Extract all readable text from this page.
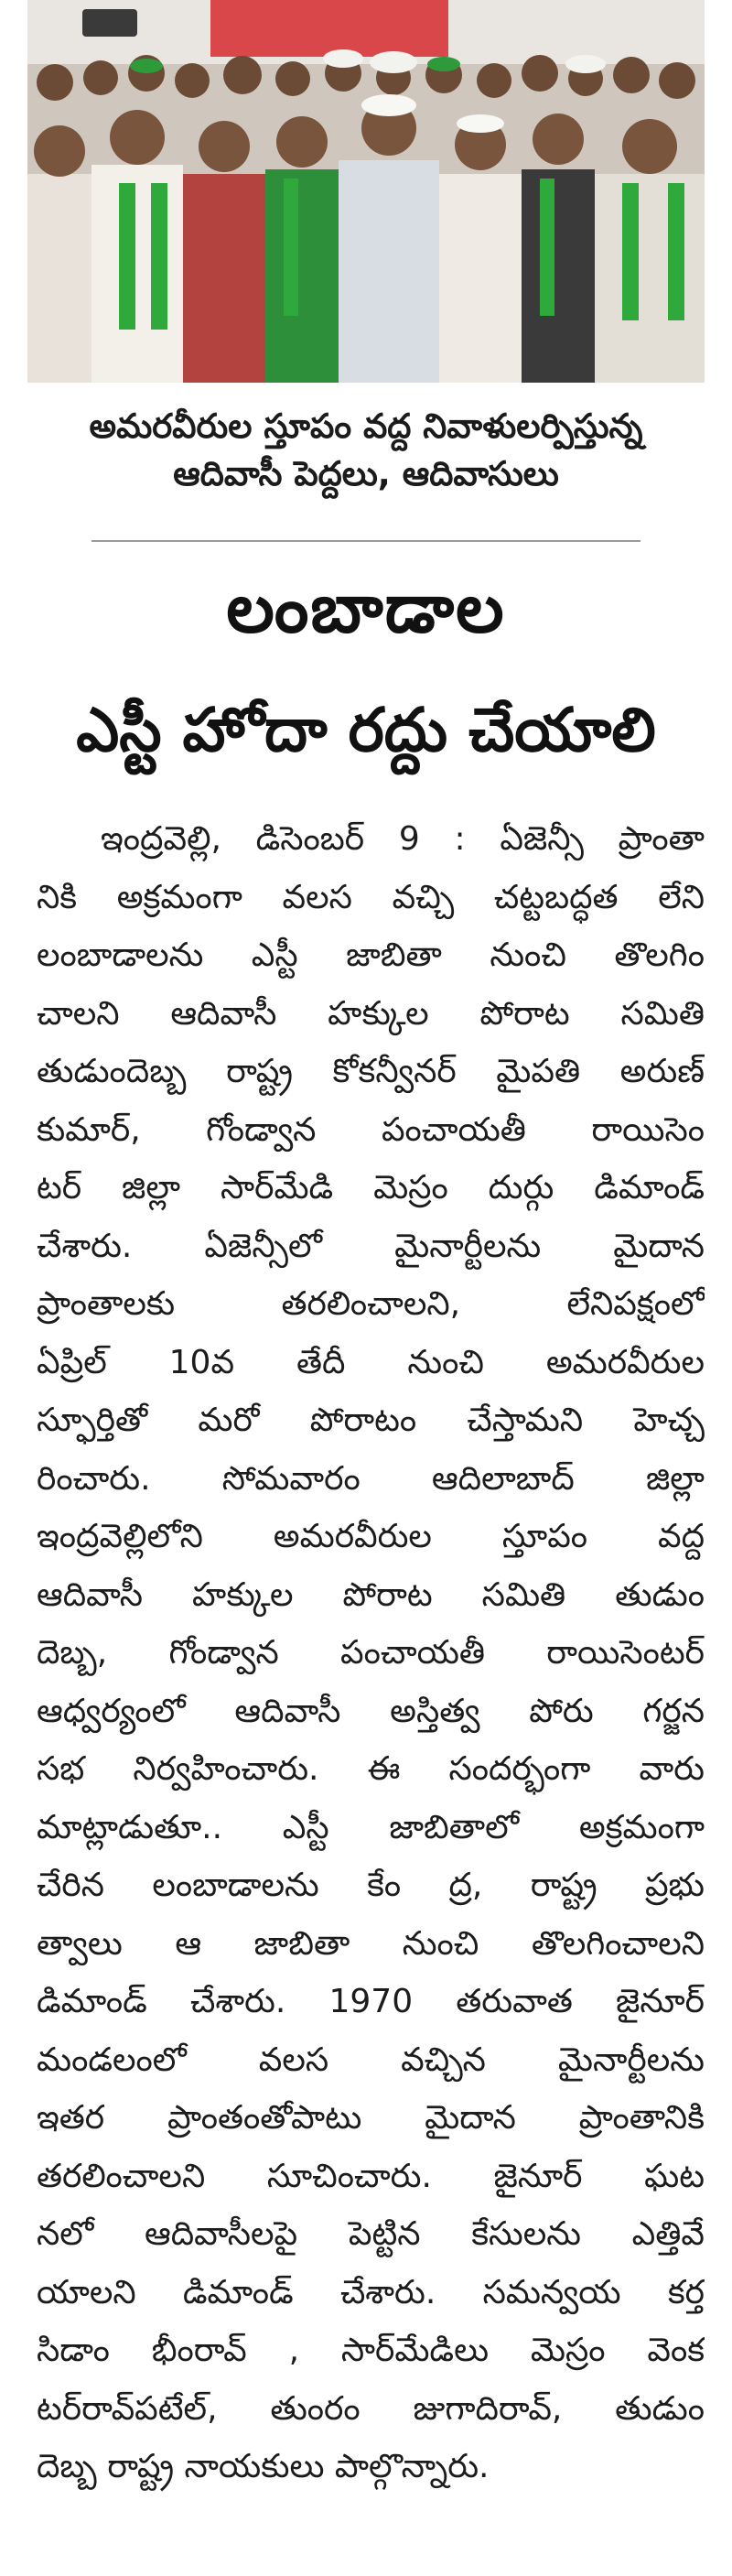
అమరవీరుల స్తూపం వద్ద నివాళులర్పిస్తున్న
ఆదివాసీ పెద్దలు, ఆదివాసులు
లంబాడాల
ఎస్టీ హోదా రద్దు చేయాలి
ఇంద్రవెల్లి, డిసెంబర్ 9 : ఏజెన్సీ ప్రాంతా
నికి అక్రమంగా వలస వచ్చి చట్టబద్ధత లేని
లంబాడాలను ఎస్టీ జాబితా నుంచి తొలగిం
చాలని ఆదివాసీ హక్కుల పోరాట సమితి
తుడుందెబ్బ రాష్ట్ర కోకన్వీనర్ మైపతి అరుణ్
కుమార్, గోండ్వాన పంచాయతీ రాయిసెం
టర్ జిల్లా సార్‌మేడి మెస్రం దుర్గు డిమాండ్
చేశారు. ఏజెన్సీలో మైనార్టీలను మైదాన
ప్రాంతాలకు తరలించాలని, లేనిపక్షంలో
ఏప్రిల్ 10వ తేదీ నుంచి అమరవీరుల
స్ఫూర్తితో మరో పోరాటం చేస్తామని హెచ్చ
రించారు. సోమవారం ఆదిలాబాద్ జిల్లా
ఇంద్రవెల్లిలోని అమరవీరుల స్తూపం వద్ద
ఆదివాసీ హక్కుల పోరాట సమితి తుడుం
దెబ్బ, గోండ్వాన పంచాయతీ రాయిసెంటర్
ఆధ్వర్యంలో ఆదివాసీ అస్తిత్వ పోరు గర్జన
సభ నిర్వహించారు. ఈ సందర్భంగా వారు
మాట్లాడుతూ.. ఎస్టీ జాబితాలో అక్రమంగా
చేరిన లంబాడాలను కేం ద్ర, రాష్ట్ర ప్రభు
త్వాలు ఆ జాబితా నుంచి తొలగించాలని
డిమాండ్ చేశారు. 1970 తరువాత జైనూర్
మండలంలో వలస వచ్చిన మైనార్టీలను
ఇతర ప్రాంతంతోపాటు మైదాన ప్రాంతానికి
తరలించాలని సూచించారు. జైనూర్ ఘట
నలో ఆదివాసీలపై పెట్టిన కేసులను ఎత్తివే
యాలని డిమాండ్ చేశారు. సమన్వయ కర్త
సిడాం భీంరావ్ , సార్‌మేడిలు మెస్రం వెంక
టర్‌రావ్‌పటేల్, తుంరం జుగాదిరావ్, తుడుం
దెబ్బ రాష్ట్ర నాయకులు పాల్గొన్నారు.
